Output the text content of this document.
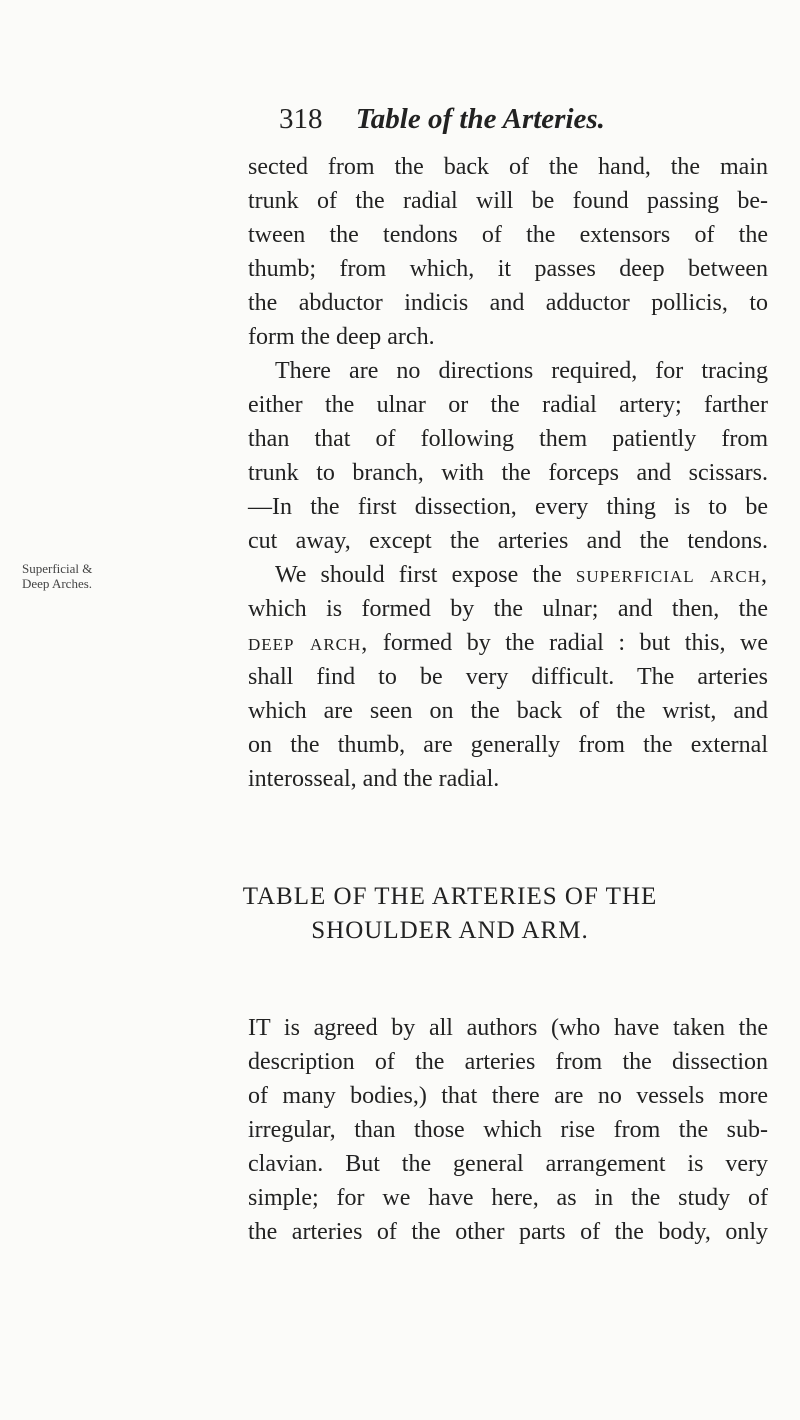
318 Table of the Arteries.
Superficial &
Deep Arches.
sected from the back of the hand, the main
trunk of the radial will be found passing be-
tween the tendons of the extensors of the
thumb; from which, it passes deep between
the abductor indicis and adductor pollicis, to
form the deep arch.
There are no directions required, for tracing
either the ulnar or the radial artery; farther
than that of following them patiently from
trunk to branch, with the forceps and scissars.
—In the first dissection, every thing is to be
cut away, except the arteries and the tendons.
We should first expose the superficial arch,
which is formed by the ulnar; and then, the
deep arch, formed by the radial : but this, we
shall find to be very difficult. The arteries
which are seen on the back of the wrist, and
on the thumb, are generally from the external
interosseal, and the radial.
TABLE OF THE ARTERIES OF THE
SHOULDER AND ARM.
IT is agreed by all authors (who have taken the
description of the arteries from the dissection
of many bodies,) that there are no vessels more
irregular, than those which rise from the sub-
clavian. But the general arrangement is very
simple; for we have here, as in the study of
the arteries of the other parts of the body, only
